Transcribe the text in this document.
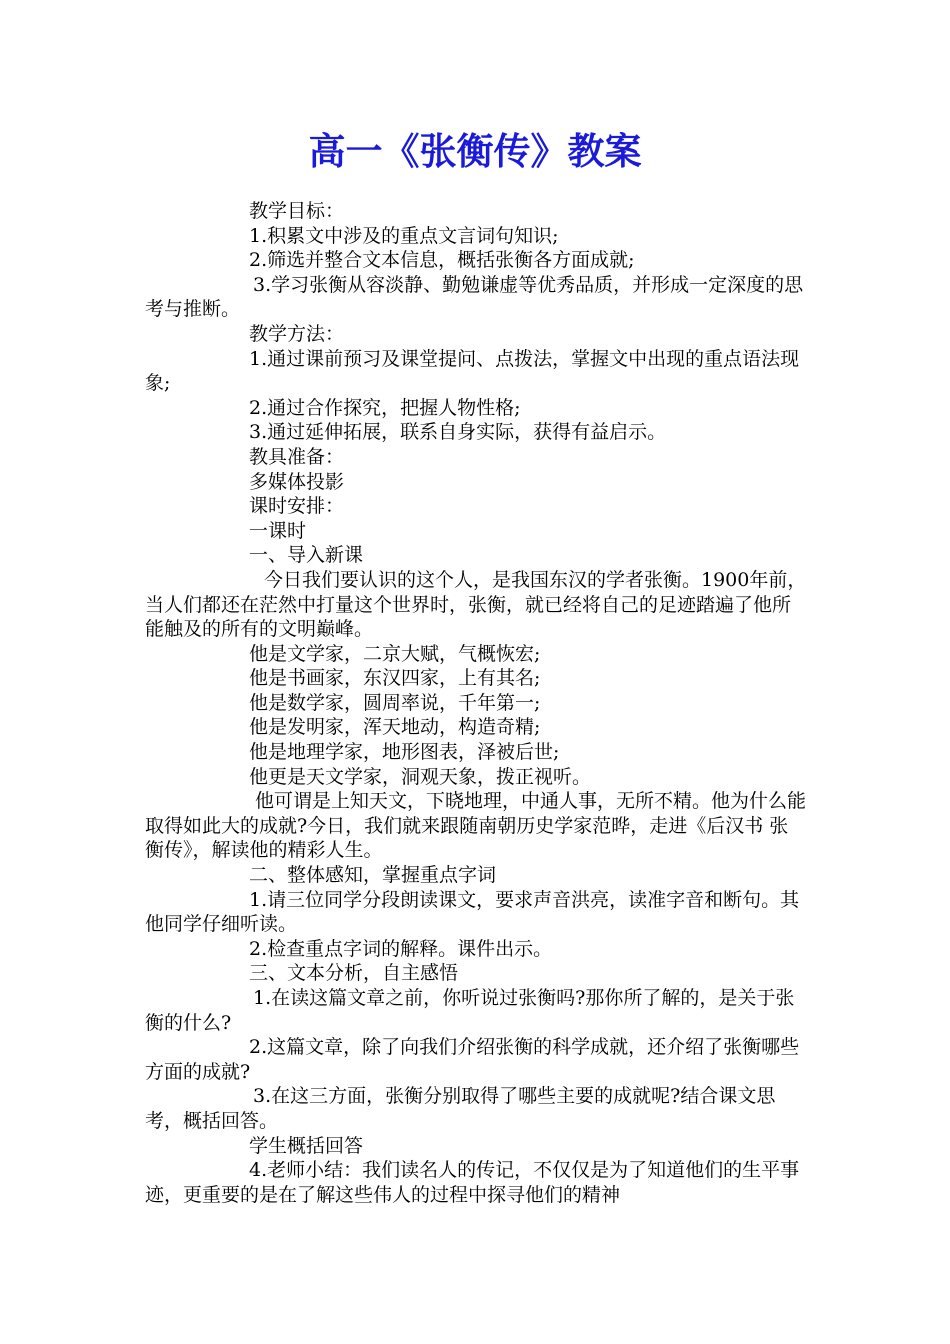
高一《张衡传》教案

教学目标：

1.积累文中涉及的重点文言词句知识;

2.筛选并整合文本信息，概括张衡各方面成就;

3.学习张衡从容淡静、勤勉谦虚等优秀品质，并形成一定深度的思考与推断。

教学方法：

1.通过课前预习及课堂提问、点拨法，掌握文中出现的重点语法现象;

2.通过合作探究，把握人物性格;

3.通过延伸拓展，联系自身实际，获得有益启示。

教具准备：

多媒体投影

课时安排：

一课时

一、导入新课

今日我们要认识的这个人，是我国东汉的学者张衡。1900年前，当人们都还在茫然中打量这个世界时，张衡，就已经将自己的足迹踏遍了他所能触及的所有的文明巅峰。

他是文学家，二京大赋，气概恢宏;

他是书画家，东汉四家，上有其名;

他是数学家，圆周率说，千年第一;

他是发明家，浑天地动，构造奇精;

他是地理学家，地形图表，泽被后世;

他更是天文学家，洞观天象，拨正视听。

他可谓是上知天文，下晓地理，中通人事，无所不精。他为什么能取得如此大的成就?今日，我们就来跟随南朝历史学家范晔，走进《后汉书 张衡传》，解读他的精彩人生。

二、整体感知，掌握重点字词

1.请三位同学分段朗读课文，要求声音洪亮，读准字音和断句。其他同学仔细听读。

2.检查重点字词的解释。课件出示。

三、文本分析，自主感悟

1.在读这篇文章之前，你听说过张衡吗?那你所了解的，是关于张衡的什么?

2.这篇文章，除了向我们介绍张衡的科学成就，还介绍了张衡哪些方面的成就?

3.在这三方面，张衡分别取得了哪些主要的成就呢?结合课文思考，概括回答。

学生概括回答

4.老师小结：我们读名人的传记，不仅仅是为了知道他们的生平事迹，更重要的是在了解这些伟人的过程中探寻他们的精神
